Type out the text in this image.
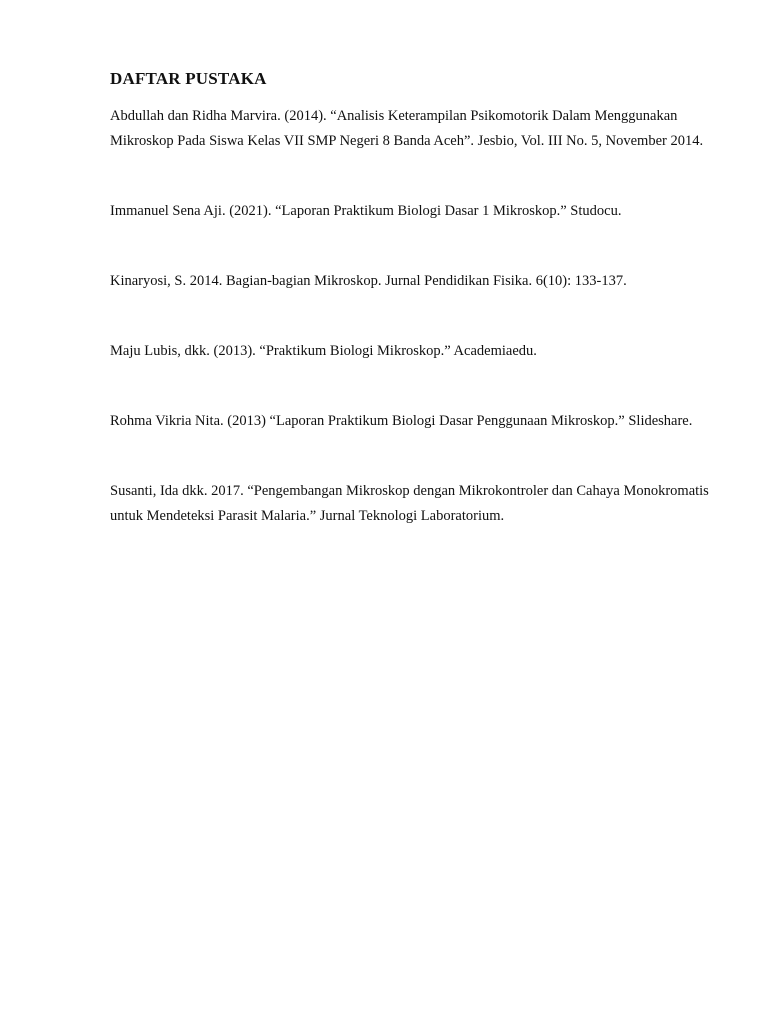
DAFTAR PUSTAKA
Abdullah dan Ridha Marvira. (2014). “Analisis Keterampilan Psikomotorik Dalam Menggunakan Mikroskop Pada Siswa Kelas VII SMP Negeri 8 Banda Aceh”. Jesbio, Vol. III No. 5, November 2014.
Immanuel Sena Aji. (2021). “Laporan Praktikum Biologi Dasar 1 Mikroskop.” Studocu.
Kinaryosi, S. 2014. Bagian-bagian Mikroskop. Jurnal Pendidikan Fisika. 6(10): 133-137.
Maju Lubis, dkk. (2013). “Praktikum Biologi Mikroskop.” Academiaedu.
Rohma Vikria Nita. (2013) “Laporan Praktikum Biologi Dasar Penggunaan Mikroskop.” Slideshare.
Susanti, Ida dkk. 2017. “Pengembangan Mikroskop dengan Mikrokontroler dan Cahaya Monokromatis untuk Mendeteksi Parasit Malaria.” Jurnal Teknologi Laboratorium.
